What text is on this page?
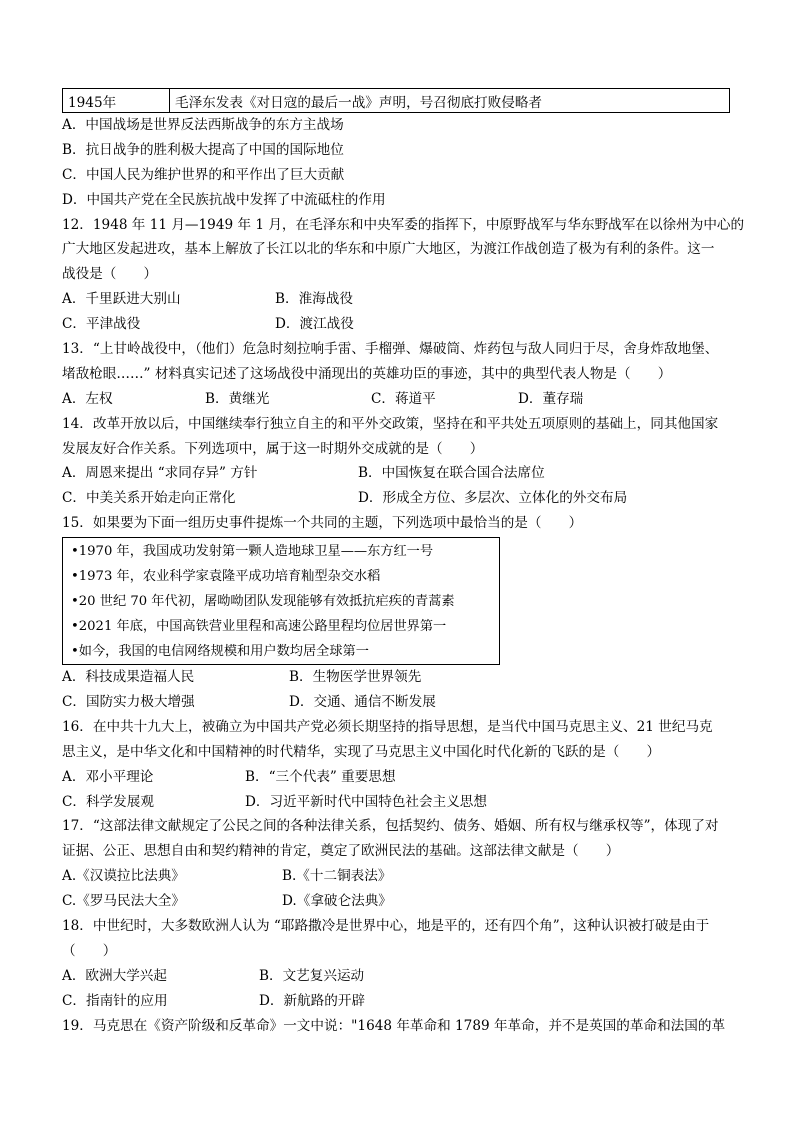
1945年	毛泽东发表《对日寇的最后一战》声明，号召彻底打败侵略者
A．中国战场是世界反法西斯战争的东方主战场
B．抗日战争的胜利极大提高了中国的国际地位
C．中国人民为维护世界的和平作出了巨大贡献
D．中国共产党在全民族抗战中发挥了中流砥柱的作用
12．1948 年 11 月—1949 年 1 月，在毛泽东和中央军委的指挥下，中原野战军与华东野战军在以徐州为中心的
广大地区发起进攻，基本上解放了长江以北的华东和中原广大地区，为渡江作战创造了极为有利的条件。这一
战役是（　　）
A．千里跃进大别山	B．淮海战役
C．平津战役	D．渡江战役
13．“上甘岭战役中，（他们）危急时刻拉响手雷、手榴弹、爆破筒、炸药包与敌人同归于尽，舍身炸敌地堡、
堵敌枪眼……” 材料真实记述了这场战役中涌现出的英雄功臣的事迹，其中的典型代表人物是（　　）
A．左权	B．黄继光	C．蒋道平	D．董存瑞
14．改革开放以后，中国继续奉行独立自主的和平外交政策，坚持在和平共处五项原则的基础上，同其他国家
发展友好合作关系。下列选项中，属于这一时期外交成就的是（　　）
A．周恩来提出 “求同存异” 方针	B．中国恢复在联合国合法席位
C．中美关系开始走向正常化	D．形成全方位、多层次、立体化的外交布局
15．如果要为下面一组历史事件提炼一个共同的主题，下列选项中最恰当的是（　　）
•1970 年，我国成功发射第一颗人造地球卫星——东方红一号
•1973 年，农业科学家袁隆平成功培育籼型杂交水稻
•20 世纪 70 年代初，屠呦呦团队发现能够有效抵抗疟疾的青蒿素
•2021 年底，中国高铁营业里程和高速公路里程均位居世界第一
•如今，我国的电信网络规模和用户数均居全球第一
A．科技成果造福人民	B．生物医学世界领先
C．国防实力极大增强	D．交通、通信不断发展
16．在中共十九大上，被确立为中国共产党必须长期坚持的指导思想，是当代中国马克思主义、21 世纪马克
思主义，是中华文化和中国精神的时代精华，实现了马克思主义中国化时代化新的飞跃的是（　　）
A．邓小平理论	B．“三个代表” 重要思想
C．科学发展观	D．习近平新时代中国特色社会主义思想
17．“这部法律文献规定了公民之间的各种法律关系，包括契约、债务、婚姻、所有权与继承权等”，体现了对
证据、公正、思想自由和契约精神的肯定，奠定了欧洲民法的基础。这部法律文献是（　　）
A.《汉谟拉比法典》	B.《十二铜表法》
C.《罗马民法大全》	D.《拿破仑法典》
18．中世纪时，大多数欧洲人认为 “耶路撒冷是世界中心，地是平的，还有四个角”，这种认识被打破是由于
（　　）
A．欧洲大学兴起	B．文艺复兴运动
C．指南针的应用	D．新航路的开辟
19．马克思在《资产阶级和反革命》一文中说："1648 年革命和 1789 年革命，并不是英国的革命和法国的革
